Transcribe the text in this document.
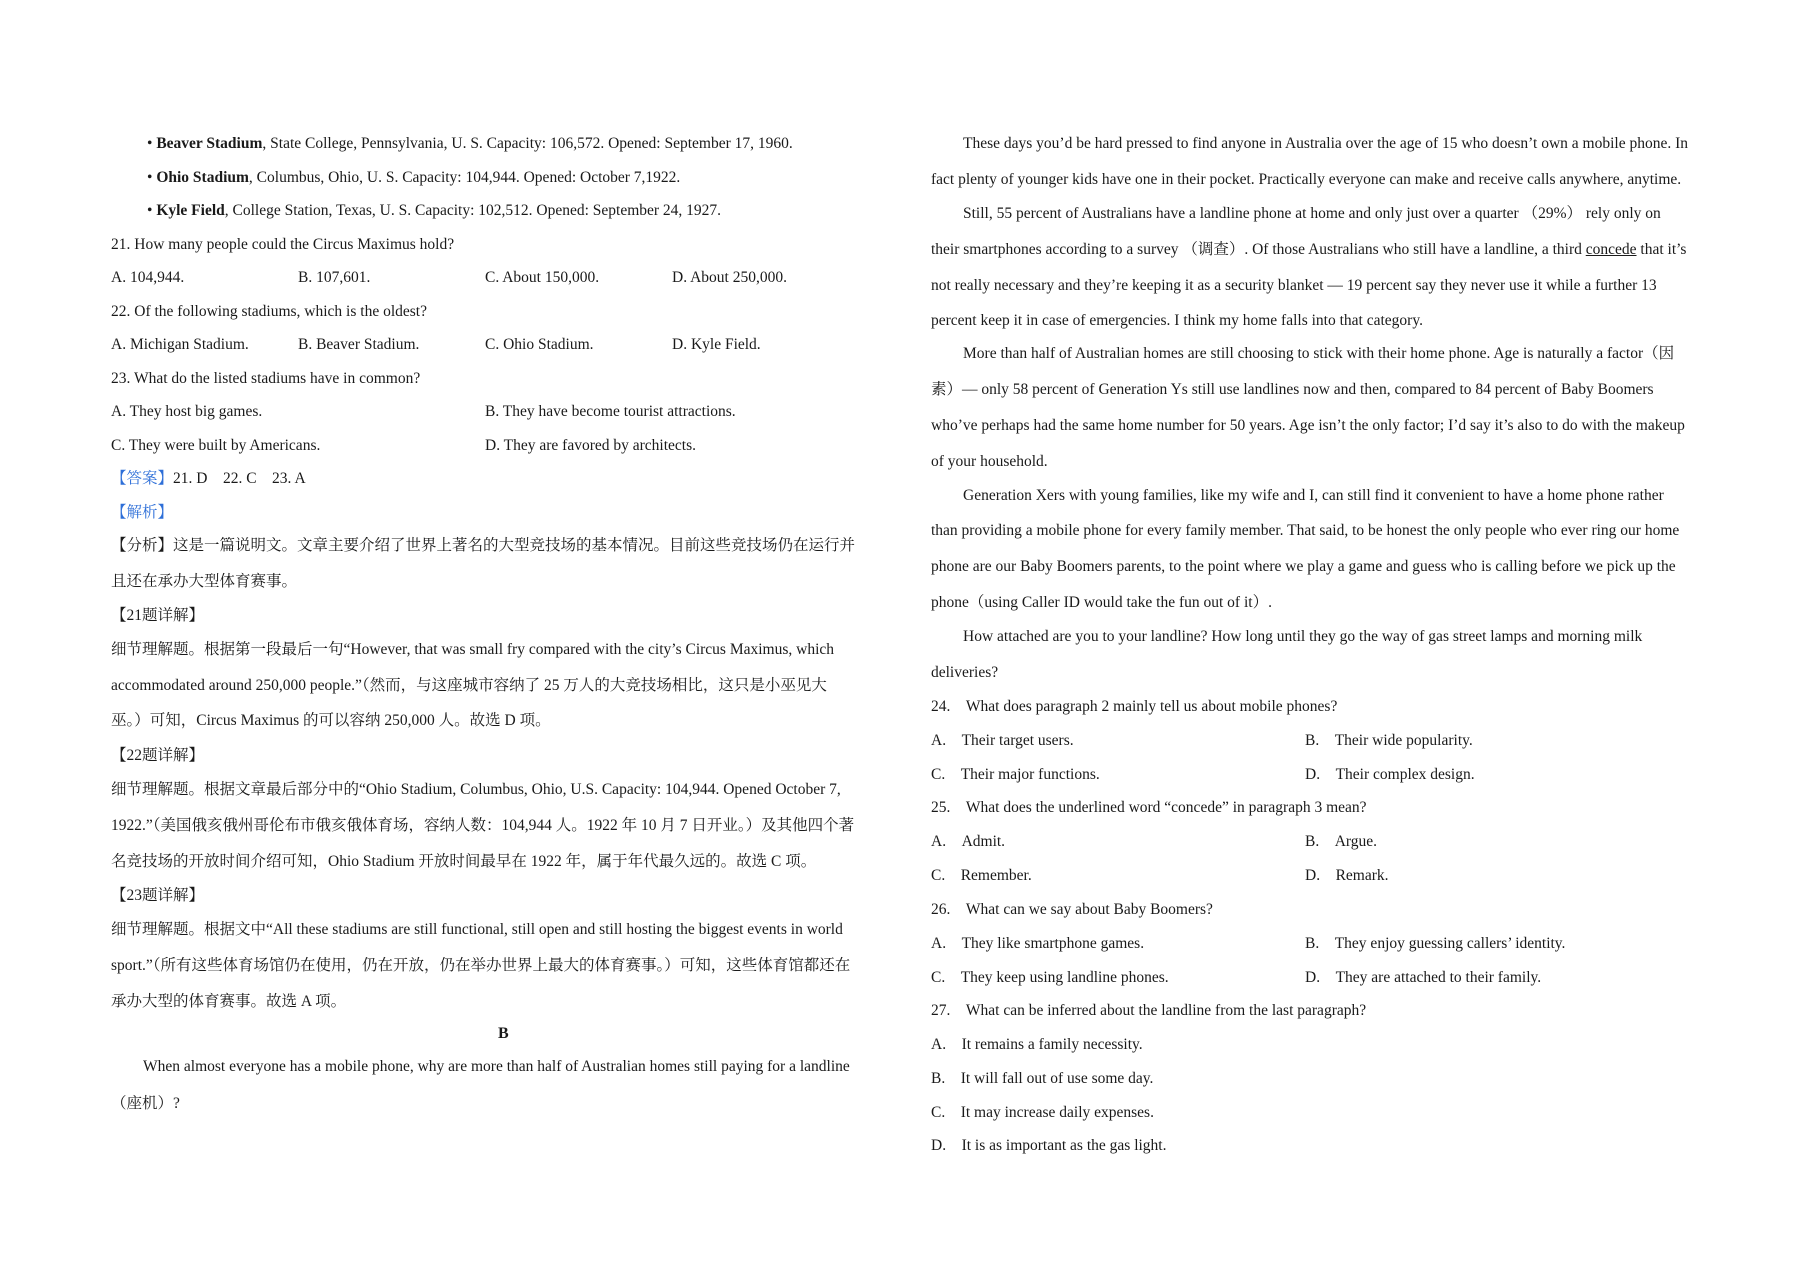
• Beaver Stadium, State College, Pennsylvania, U. S. Capacity: 106,572. Opened: September 17, 1960.
• Ohio Stadium, Columbus, Ohio, U. S. Capacity: 104,944. Opened: October 7,1922.
• Kyle Field, College Station, Texas, U. S. Capacity: 102,512. Opened: September 24, 1927.
21. How many people could the Circus Maximus hold?
A. 104,944.	B. 107,601.	C. About 150,000.	D. About 250,000.
22. Of the following stadiums, which is the oldest?
A. Michigan Stadium.	B. Beaver Stadium.	C. Ohio Stadium.	D. Kyle Field.
23. What do the listed stadiums have in common?
A. They host big games.	B. They have become tourist attractions.
C. They were built by Americans.	D. They are favored by architects.
【答案】21. D　22. C　23. A
【解析】
【分析】这是一篇说明文。文章主要介绍了世界上著名的大型竞技场的基本情况。目前这些竞技场仍在运行并
且还在承办大型体育赛事。
【21题详解】
细节理解题。根据第一段最后一句“However, that was small fry compared with the city’s Circus Maximus, which
accommodated around 250,000 people.”（然而，与这座城市容纳了 25 万人的大竞技场相比，这只是小巫见大
巫。）可知，Circus Maximus 的可以容纳 250,000 人。故选 D 项。
【22题详解】
细节理解题。根据文章最后部分中的“Ohio Stadium, Columbus, Ohio, U.S. Capacity: 104,944. Opened October 7,
1922.”（美国俄亥俄州哥伦布市俄亥俄体育场，容纳人数：104,944 人。1922 年 10 月 7 日开业。）及其他四个著
名竞技场的开放时间介绍可知，Ohio Stadium 开放时间最早在 1922 年，属于年代最久远的。故选 C 项。
【23题详解】
细节理解题。根据文中“All these stadiums are still functional, still open and still hosting the biggest events in world
sport.”（所有这些体育场馆仍在使用，仍在开放，仍在举办世界上最大的体育赛事。）可知，这些体育馆都还在
承办大型的体育赛事。故选 A 项。
B
When almost everyone has a mobile phone, why are more than half of Australian homes still paying for a landline
（座机）?
These days you’d be hard pressed to find anyone in Australia over the age of 15 who doesn’t own a mobile phone. In
fact plenty of younger kids have one in their pocket. Practically everyone can make and receive calls anywhere, anytime.
Still, 55 percent of Australians have a landline phone at home and only just over a quarter （29%） rely only on
their smartphones according to a survey （调查）. Of those Australians who still have a landline, a third concede that it’s
not really necessary and they’re keeping it as a security blanket — 19 percent say they never use it while a further 13
percent keep it in case of emergencies. I think my home falls into that category.
More than half of Australian homes are still choosing to stick with their home phone. Age is naturally a factor（因
素）— only 58 percent of Generation Ys still use landlines now and then, compared to 84 percent of Baby Boomers
who’ve perhaps had the same home number for 50 years. Age isn’t the only factor; I’d say it’s also to do with the makeup
of your household.
Generation Xers with young families, like my wife and I, can still find it convenient to have a home phone rather
than providing a mobile phone for every family member. That said, to be honest the only people who ever ring our home
phone are our Baby Boomers parents, to the point where we play a game and guess who is calling before we pick up the
phone（using Caller ID would take the fun out of it）.
How attached are you to your landline? How long until they go the way of gas street lamps and morning milk
deliveries?
24.　What does paragraph 2 mainly tell us about mobile phones?
A.　Their target users.	B.　Their wide popularity.
C.　Their major functions.	D.　Their complex design.
25.　What does the underlined word “concede” in paragraph 3 mean?
A.　Admit.	B.　Argue.
C.　Remember.	D.　Remark.
26.　What can we say about Baby Boomers?
A.　They like smartphone games.	B.　They enjoy guessing callers’ identity.
C.　They keep using landline phones.	D.　They are attached to their family.
27.　What can be inferred about the landline from the last paragraph?
A.　It remains a family necessity.
B.　It will fall out of use some day.
C.　It may increase daily expenses.
D.　It is as important as the gas light.
